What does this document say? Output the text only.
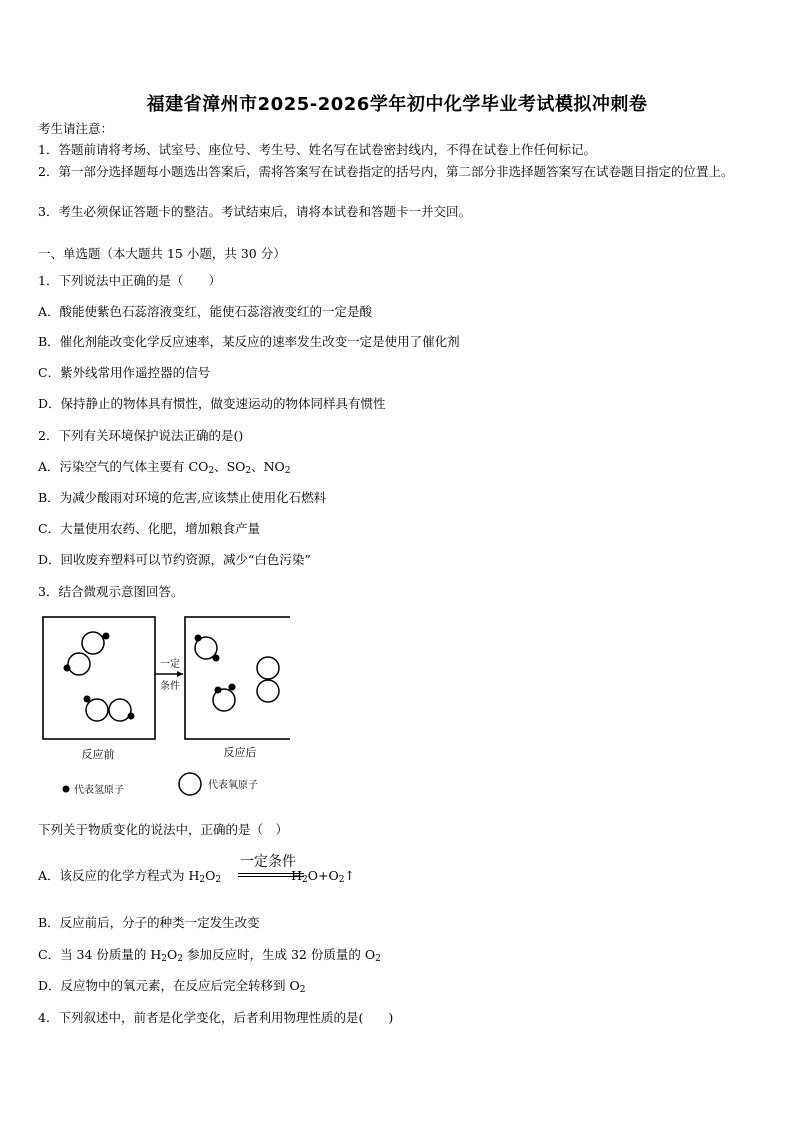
福建省漳州市2025-2026学年初中化学毕业考试模拟冲刺卷
考生请注意：
1．答题前请将考场、试室号、座位号、考生号、姓名写在试卷密封线内，不得在试卷上作任何标记。
2．第一部分选择题每小题选出答案后，需将答案写在试卷指定的括号内，第二部分非选择题答案写在试卷题目指定的位置上。
3．考生必须保证答题卡的整洁。考试结束后，请将本试卷和答题卡一并交回。
一、单选题（本大题共 15 小题，共 30 分）
1．下列说法中正确的是（　　）
A．酸能使紫色石蕊溶液变红，能使石蕊溶液变红的一定是酸
B．催化剂能改变化学反应速率，某反应的速率发生改变一定是使用了催化剂
C．紫外线常用作遥控器的信号
D．保持静止的物体具有惯性，做变速运动的物体同样具有惯性
2．下列有关环境保护说法正确的是()
A．污染空气的气体主要有 $CO_2$、$SO_2$、$NO_2$
B．为减少酸雨对环境的危害,应该禁止使用化石燃料
C．大量使用农药、化肥，增加粮食产量
D．回收废弃塑料可以节约资源，减少“白色污染”
3．结合微观示意图回答。
一定
条件
反应前	反应后
代表氢原子	代表氧原子
下列关于物质变化的说法中，正确的是（　）
一定条件
A．该反应的化学方程式为 $H_2O_2$	$H_2O+O_2↑$
B．反应前后，分子的种类一定发生改变
C．当 34 份质量的 $H_2O_2$ 参加反应时，生成 32 份质量的 $O_2$
D．反应物中的氧元素，在反应后完全转移到 $O_2$
4．下列叙述中，前者是化学变化，后者利用物理性质的是(　　)
